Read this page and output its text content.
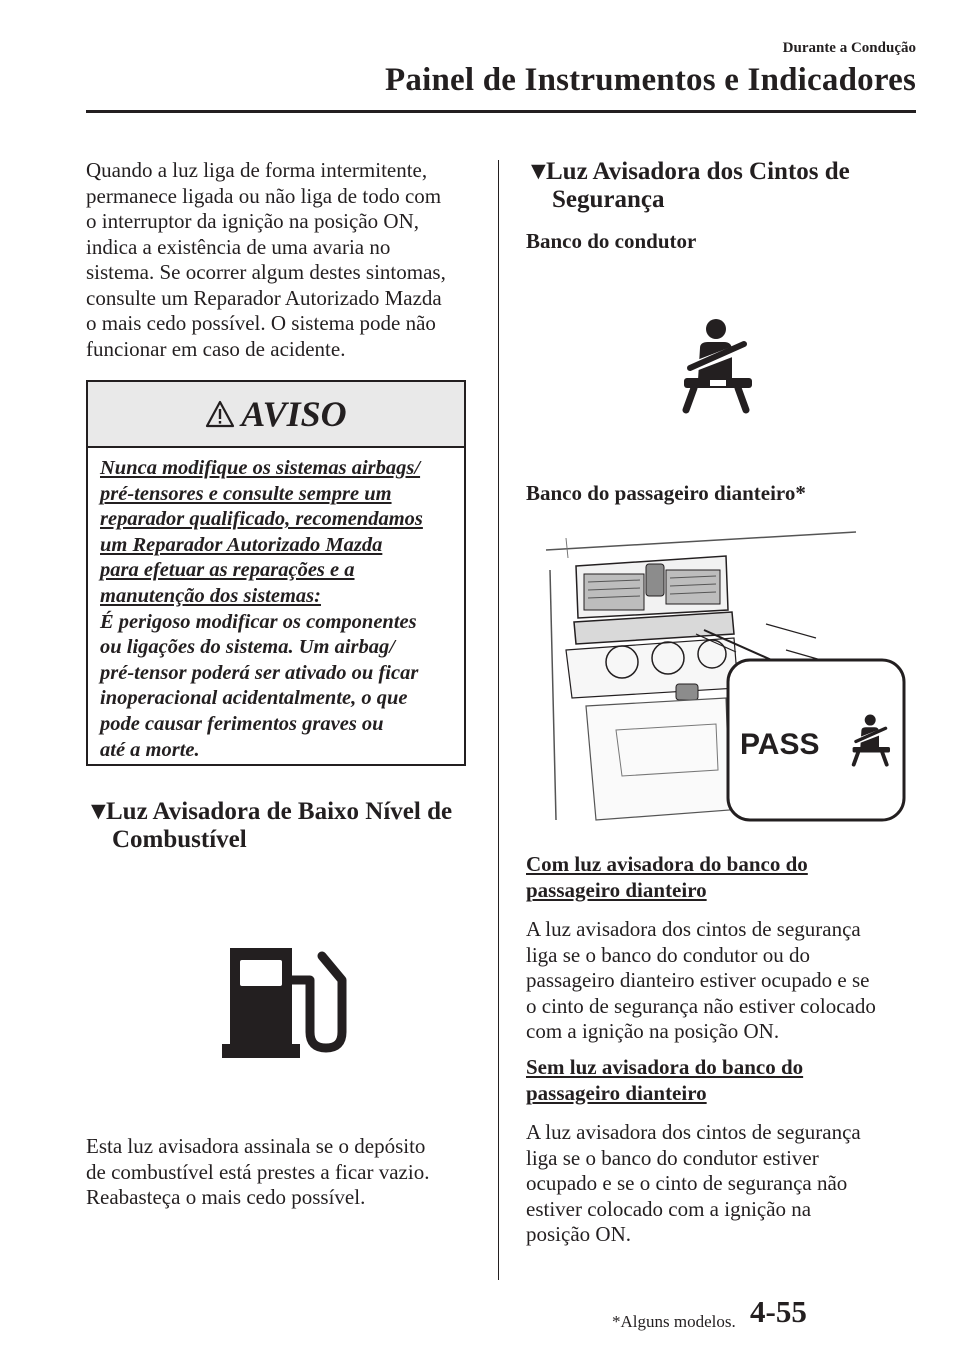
Durante a Condução
Painel de Instrumentos e Indicadores
Quando a luz liga de forma intermitente,
permanece ligada ou não liga de todo com
o interruptor da ignição na posição ON,
indica a existência de uma avaria no
sistema. Se ocorrer algum destes sintomas,
consulte um Reparador Autorizado Mazda
o mais cedo possível. O sistema pode não
funcionar em caso de acidente.
AVISO
Nunca modifique os sistemas airbags/
pré-tensores e consulte sempre um
reparador qualificado, recomendamos
um Reparador Autorizado Mazda
para efetuar as reparações e a
manutenção dos sistemas:
É perigoso modificar os componentes
ou ligações do sistema. Um airbag/
pré-tensor poderá ser ativado ou ficar
inoperacional acidentalmente, o que
pode causar ferimentos graves ou
até a morte.
▼Luz Avisadora de Baixo Nível de
Combustível
Esta luz avisadora assinala se o depósito
de combustível está prestes a ficar vazio.
Reabasteça o mais cedo possível.
▼Luz Avisadora dos Cintos de
Segurança
Banco do condutor
Banco do passageiro dianteiro*
PASS
Com luz avisadora do banco do
passageiro dianteiro
A luz avisadora dos cintos de segurança
liga se o banco do condutor ou do
passageiro dianteiro estiver ocupado e se
o cinto de segurança não estiver colocado
com a ignição na posição ON.
Sem luz avisadora do banco do
passageiro dianteiro
A luz avisadora dos cintos de segurança
liga se o banco do condutor estiver
ocupado e se o cinto de segurança não
estiver colocado com a ignição na
posição ON.
*Alguns modelos. 4-55
